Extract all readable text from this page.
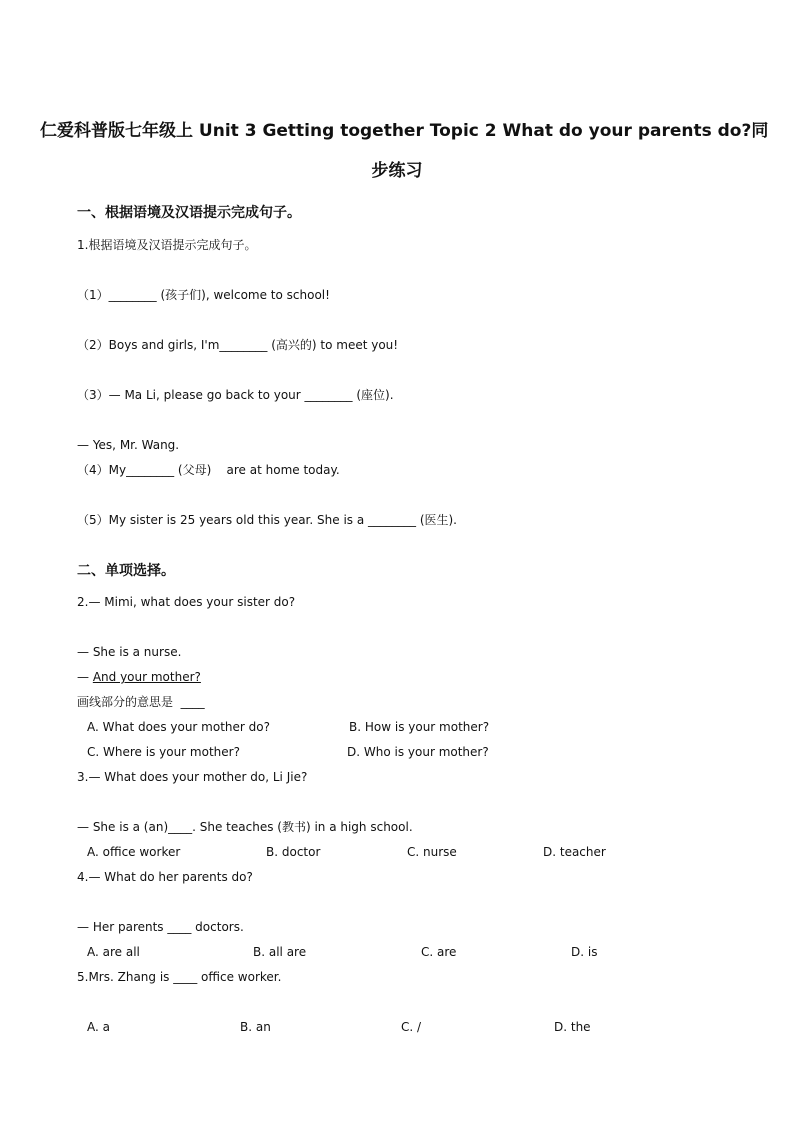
仁爱科普版七年级上 Unit 3 Getting together Topic 2 What do your parents do?同
步练习
一、根据语境及汉语提示完成句子。
1.根据语境及汉语提示完成句子。
（1）________ (孩子们), welcome to school!
（2）Boys and girls, I'm________ (高兴的) to meet you!
（3）— Ma Li, please go back to your ________ (座位).
— Yes, Mr. Wang.
（4）My________ (父母)    are at home today.
（5）My sister is 25 years old this year. She is a ________ (医生).
二、单项选择。
2.— Mimi, what does your sister do?
— She is a nurse.
— And your mother?
画线部分的意思是  ____
A. What does your mother do?	B. How is your mother?
C. Where is your mother?	D. Who is your mother?
3.— What does your mother do, Li Jie?
— She is a (an)____. She teaches (教书) in a high school.
A. office worker	B. doctor	C. nurse	D. teacher
4.— What do her parents do?
— Her parents ____ doctors.
A. are all	B. all are	C. are	D. is
5.Mrs. Zhang is ____ office worker.
A. a	B. an	C. /	D. the
